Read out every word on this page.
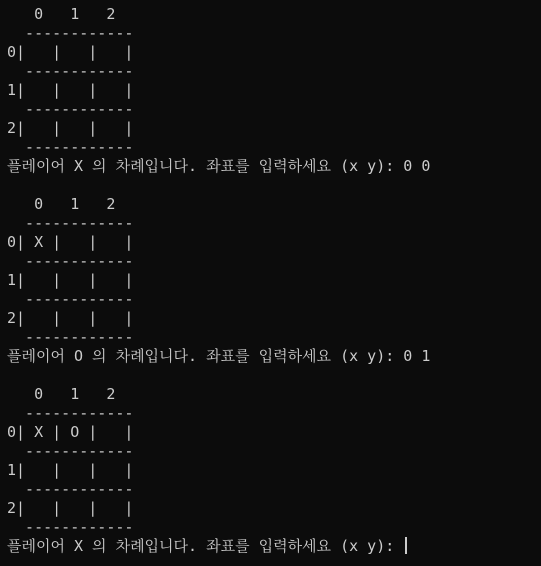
0   1   2
------------
0|   |   |   |
------------
1|   |   |   |
------------
2|   |   |   |
------------
플레이어 X 의 차례입니다. 좌표를 입력하세요 (x y): 0 0
0   1   2
------------
0| X |   |   |
------------
1|   |   |   |
------------
2|   |   |   |
------------
플레이어 O 의 차례입니다. 좌표를 입력하세요 (x y): 0 1
0   1   2
------------
0| X | O |   |
------------
1|   |   |   |
------------
2|   |   |   |
------------
플레이어 X 의 차례입니다. 좌표를 입력하세요 (x y):
